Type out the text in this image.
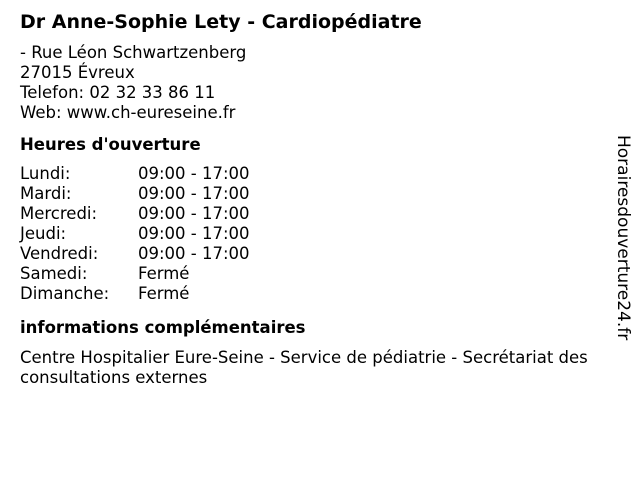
Dr Anne-Sophie Lety - Cardiopédiatre
- Rue Léon Schwartzenberg
27015 Évreux
Telefon: 02 32 33 86 11
Web: www.ch-eureseine.fr
Heures d'ouverture
Lundi:	09:00 - 17:00
Mardi:	09:00 - 17:00
Mercredi: 09:00 - 17:00
Jeudi:	09:00 - 17:00
Vendredi: 09:00 - 17:00
Samedi:	Fermé
Dimanche: Fermé
informations complémentaires
Centre Hospitalier Eure-Seine - Service de pédiatrie - Secrétariat des consultations externes
Horairesdouverture24.fr
